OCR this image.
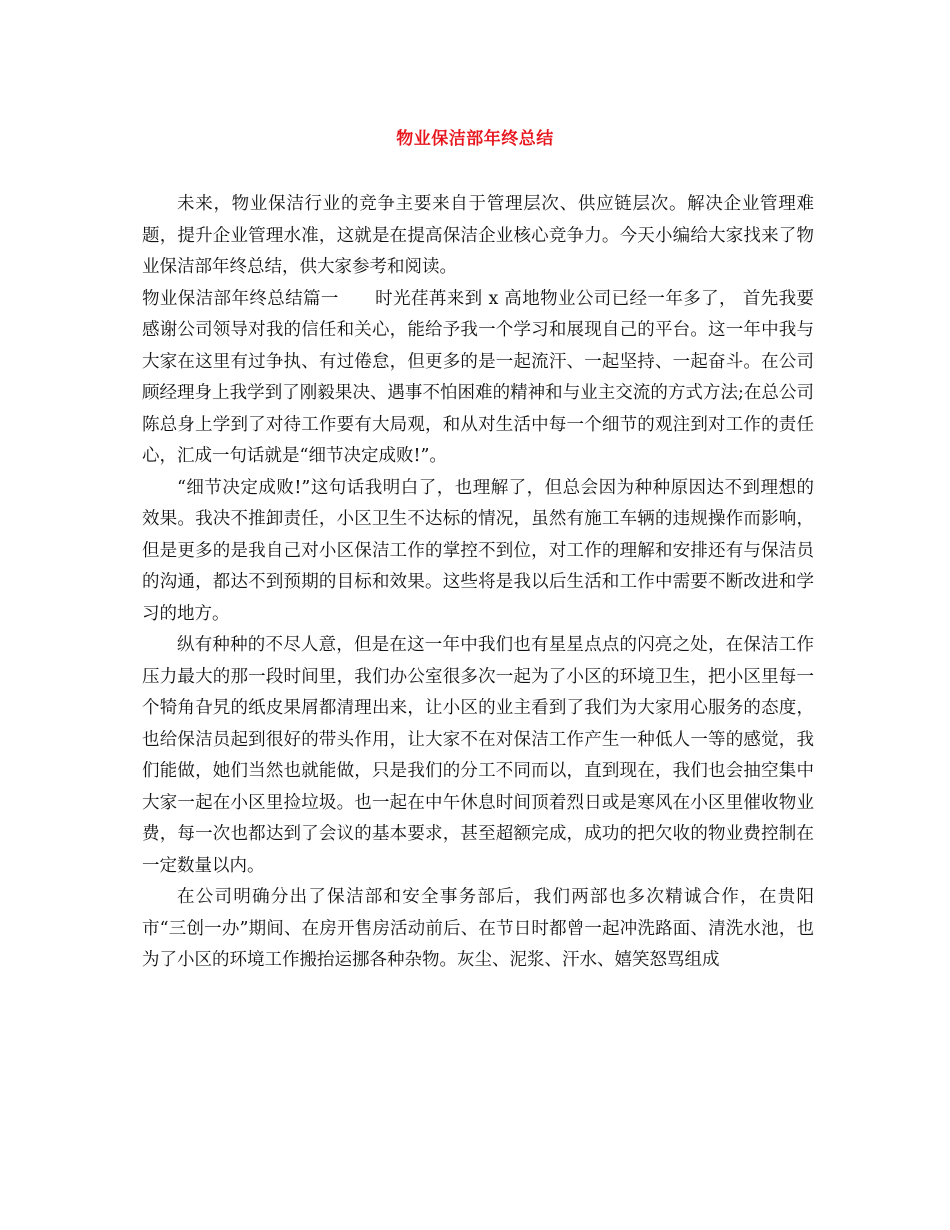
物业保洁部年终总结

未来，物业保洁行业的竞争主要来自于管理层次、供应链层次。解决企业管理难题，提升企业管理水准，这就是在提高保洁企业核心竞争力。今天小编给大家找来了物业保洁部年终总结，供大家参考和阅读。

物业保洁部年终总结篇一 时光荏苒来到 x 高地物业公司已经一年多了， 首先我要感谢公司领导对我的信任和关心，能给予我一个学习和展现自己的平台。这一年中我与大家在这里有过争执、有过倦怠，但更多的是一起流汗、一起坚持、一起奋斗。在公司顾经理身上我学到了刚毅果决、遇事不怕困难的精神和与业主交流的方式方法;在总公司陈总身上学到了对待工作要有大局观，和从对生活中每一个细节的观注到对工作的责任心，汇成一句话就是“细节决定成败!”。

“细节决定成败!”这句话我明白了，也理解了，但总会因为种种原因达不到理想的效果。我决不推卸责任，小区卫生不达标的情况，虽然有施工车辆的违规操作而影响，但是更多的是我自己对小区保洁工作的掌控不到位，对工作的理解和安排还有与保洁员的沟通，都达不到预期的目标和效果。这些将是我以后生活和工作中需要不断改进和学习的地方。

纵有种种的不尽人意，但是在这一年中我们也有星星点点的闪亮之处，在保洁工作压力最大的那一段时间里，我们办公室很多次一起为了小区的环境卫生，把小区里每一个犄角旮旯的纸皮果屑都清理出来，让小区的业主看到了我们为大家用心服务的态度，也给保洁员起到很好的带头作用，让大家不在对保洁工作产生一种低人一等的感觉，我们能做，她们当然也就能做，只是我们的分工不同而以，直到现在，我们也会抽空集中大家一起在小区里捡垃圾。也一起在中午休息时间顶着烈日或是寒风在小区里催收物业费，每一次也都达到了会议的基本要求，甚至超额完成，成功的把欠收的物业费控制在一定数量以内。

在公司明确分出了保洁部和安全事务部后，我们两部也多次精诚合作，在贵阳市“三创一办”期间、在房开售房活动前后、在节日时都曾一起冲洗路面、清洗水池，也为了小区的环境工作搬抬运挪各种杂物。灰尘、泥浆、汗水、嬉笑怒骂组成
